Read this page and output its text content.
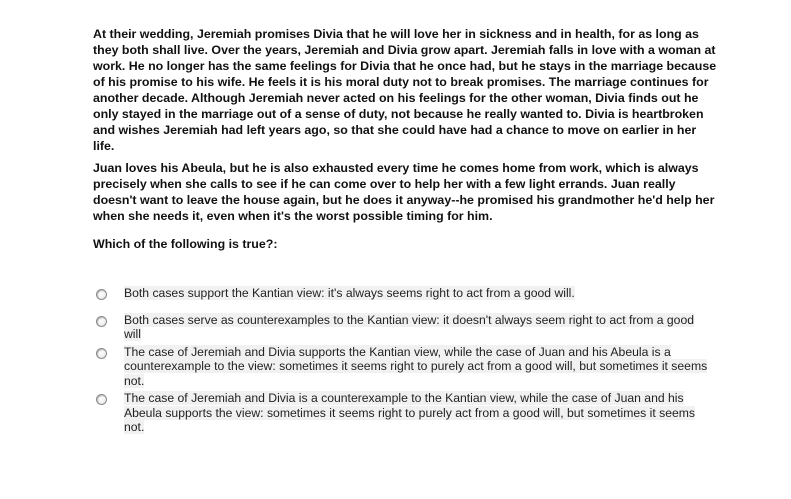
At their wedding, Jeremiah promises Divia that he will love her in sickness and in health, for as long as they both shall live. Over the years, Jeremiah and Divia grow apart. Jeremiah falls in love with a woman at work. He no longer has the same feelings for Divia that he once had, but he stays in the marriage because of his promise to his wife. He feels it is his moral duty not to break promises. The marriage continues for another decade. Although Jeremiah never acted on his feelings for the other woman, Divia finds out he only stayed in the marriage out of a sense of duty, not because he really wanted to. Divia is heartbroken and wishes Jeremiah had left years ago, so that she could have had a chance to move on earlier in her life.

Juan loves his Abeula, but he is also exhausted every time he comes home from work, which is always precisely when she calls to see if he can come over to help her with a few light errands. Juan really doesn't want to leave the house again, but he does it anyway--he promised his grandmother he'd help her when she needs it, even when it's the worst possible timing for him.

Which of the following is true?:

Both cases support the Kantian view: it's always seems right to act from a good will.
Both cases serve as counterexamples to the Kantian view: it doesn't always seem right to act from a good will
The case of Jeremiah and Divia supports the Kantian view, while the case of Juan and his Abeula is a counterexample to the view: sometimes it seems right to purely act from a good will, but sometimes it seems not.
The case of Jeremiah and Divia is a counterexample to the Kantian view, while the case of Juan and his Abeula supports the view: sometimes it seems right to purely act from a good will, but sometimes it seems not.
